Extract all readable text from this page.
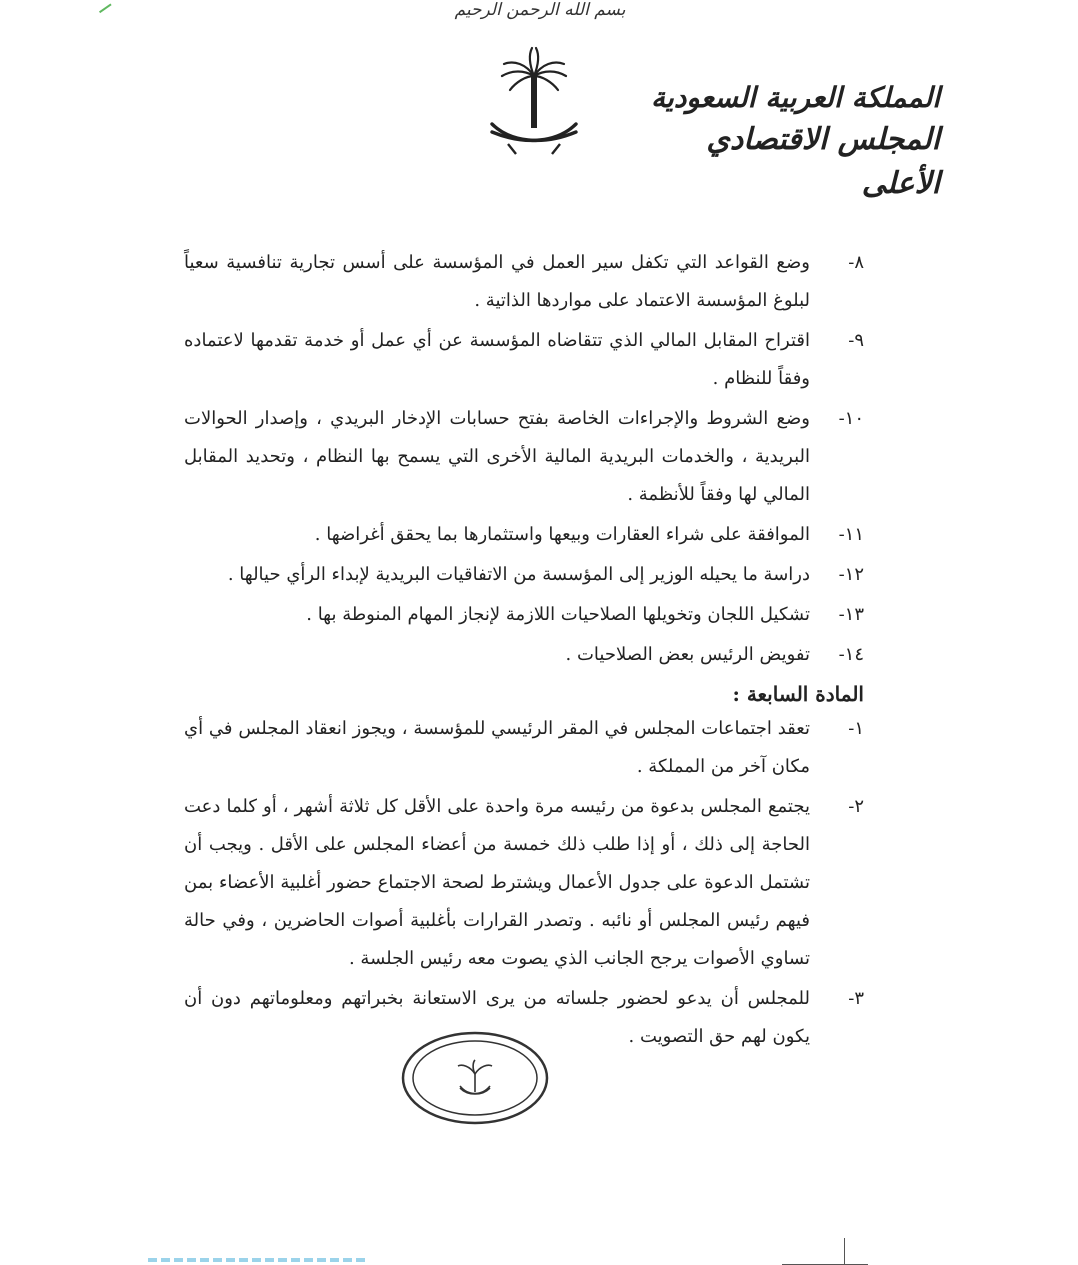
بسم الله الرحمن الرحيم
المملكة العربية السعودية
المجلس الاقتصادي الأعلى
٨-
وضع القواعد التي تكفل سير العمل في المؤسسة على أسس تجارية تنافسية سعياً لبلوغ المؤسسة الاعتماد على مواردها الذاتية .
٩-
اقتراح المقابل المالي الذي تتقاضاه المؤسسة عن أي عمل أو خدمة تقدمها لاعتماده وفقاً للنظام .
١٠-
وضع الشروط والإجراءات الخاصة بفتح حسابات الإدخار البريدي ، وإصدار الحوالات البريدية ، والخدمات البريدية المالية الأخرى التي يسمح بها النظام ، وتحديد المقابل المالي لها وفقاً للأنظمة .
١١-
الموافقة على شراء العقارات وبيعها واستثمارها بما يحقق أغراضها .
١٢-
دراسة ما يحيله الوزير إلى المؤسسة من الاتفاقيات البريدية لإبداء الرأي حيالها .
١٣-
تشكيل اللجان وتخويلها الصلاحيات اللازمة لإنجاز المهام المنوطة بها .
١٤-
تفويض الرئيس بعض الصلاحيات .
المادة السابعة :
١-
تعقد اجتماعات المجلس في المقر الرئيسي للمؤسسة ، ويجوز انعقاد المجلس في أي مكان آخر من المملكة .
٢-
يجتمع المجلس بدعوة من رئيسه مرة واحدة على الأقل كل ثلاثة أشهر ، أو كلما دعت الحاجة إلى ذلك ، أو إذا طلب ذلك خمسة من أعضاء المجلس على الأقل . ويجب أن تشتمل الدعوة على جدول الأعمال ويشترط لصحة الاجتماع حضور أغلبية الأعضاء بمن فيهم رئيس المجلس أو نائبه . وتصدر القرارات بأغلبية أصوات الحاضرين ، وفي حالة تساوي الأصوات يرجح الجانب الذي يصوت معه رئيس الجلسة .
٣-
للمجلس أن يدعو لحضور جلساته من يرى الاستعانة بخبراتهم ومعلوماتهم دون أن يكون لهم حق التصويت .
